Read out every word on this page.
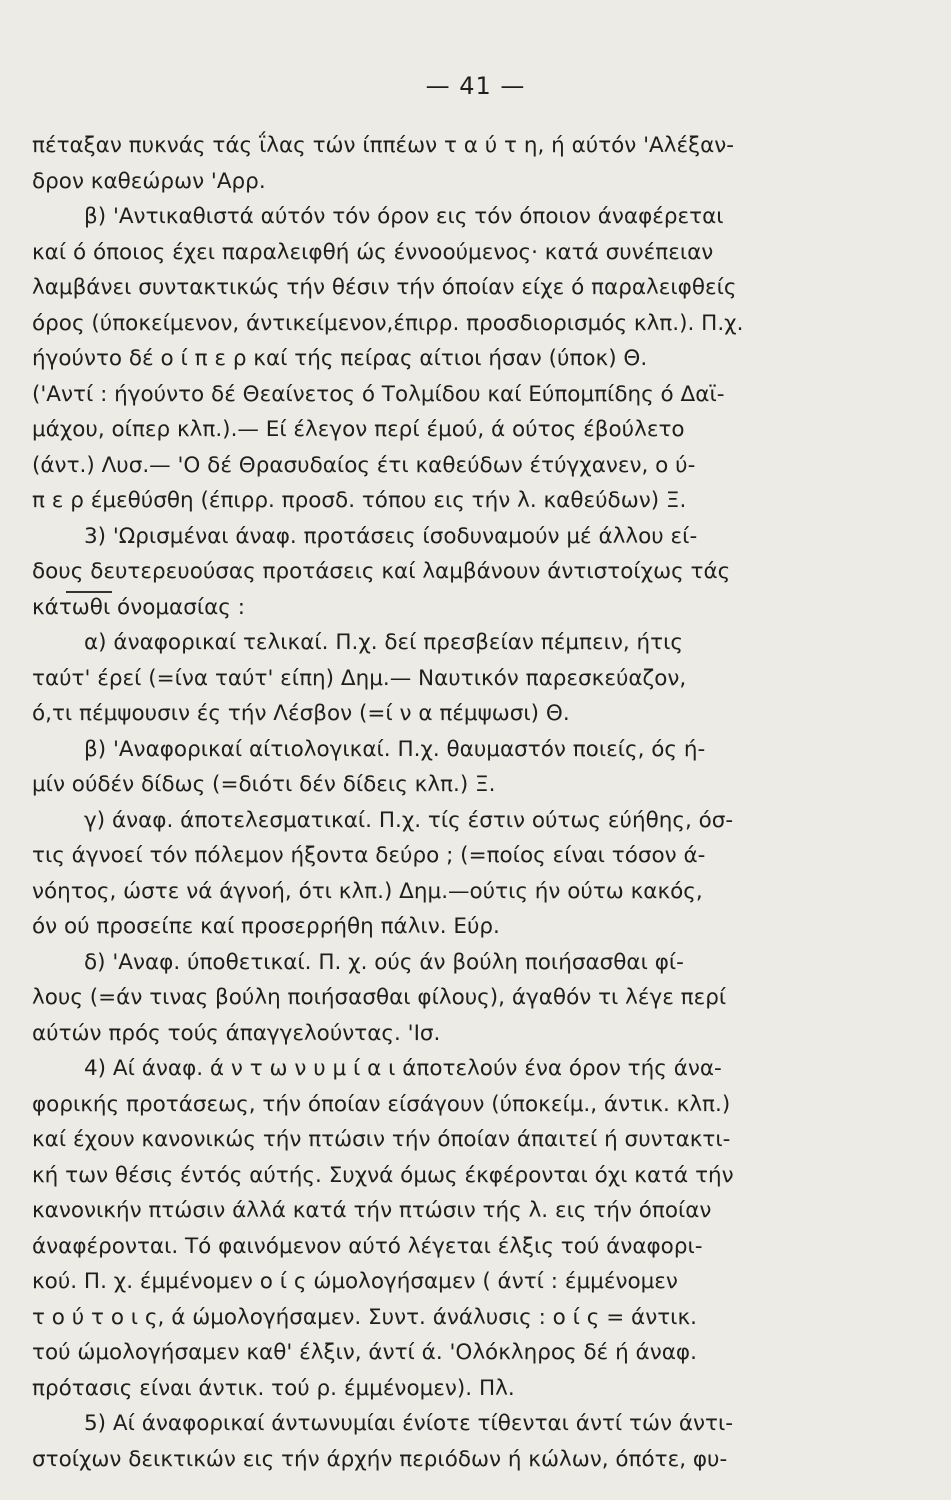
— 41 —
πέταξαν πυκνάς τάς ΐλας τών ίππέων τ α ύ τ η, ή αύτόν 'Αλέξαν-
δρον καθεώρων 'Αρρ.
β) 'Αντικαθιστά αύτόν τόν όρον εις τόν όποιον άναφέρεται
καί ό όποιος έχει παραλειφθή ώς έννοούμενος· κατά συνέπειαν
λαμβάνει συντακτικώς τήν θέσιν τήν όποίαν είχε ό παραλειφθείς
όρος (ύποκείμενον, άντικείμενον,έπιρρ. προσδιορισμός κλπ.). Π.χ.
ήγούντο δέ ο ί π ε ρ καί τής πείρας αίτιοι ήσαν (ύποκ) Θ.
('Αντί : ήγούντο δέ Θεαίνετος ό Τολμίδου καί Εύπομπίδης ό Δαϊ-
μάχου, οίπερ κλπ.).— Εί έλεγον περί έμού, ά ούτος έβούλετο
(άντ.) Λυσ.— 'Ο δέ Θρασυδαίος έτι καθεύδων έτύγχανεν, ο ύ-
π ε ρ έμεθύσθη (έπιρρ. προσδ. τόπου εις τήν λ. καθεύδων) Ξ.
3) 'Ωρισμέναι άναφ. προτάσεις ίσοδυναμούν μέ άλλου εί-
δους δευτερευούσας προτάσεις καί λαμβάνουν άντιστοίχως τάς
κάτωθι όνομασίας :
α) άναφορικαί τελικαί. Π.χ. δεί πρεσβείαν πέμπειν, ήτις
ταύτ' έρεί (=ίνα ταύτ' είπη) Δημ.— Ναυτικόν παρεσκεύαζον,
ό,τι πέμψουσιν ές τήν Λέσβον (=ί ν α πέμψωσι) Θ.
β) 'Αναφορικαί αίτιολογικαί. Π.χ. θαυμαστόν ποιείς, ός ή-
μίν ούδέν δίδως (=διότι δέν δίδεις κλπ.) Ξ.
γ) άναφ. άποτελεσματικαί. Π.χ. τίς έστιν ούτως εύήθης, όσ-
τις άγνοεί τόν πόλεμον ήξοντα δεύρο ; (=ποίος είναι τόσον ά-
νόητος, ώστε νά άγνοή, ότι κλπ.) Δημ.—ούτις ήν ούτω κακός,
όν ού προσείπε καί προσερρήθη πάλιν. Εύρ.
δ) 'Αναφ. ύποθετικαί. Π. χ. ούς άν βούλη ποιήσασθαι φί-
λους (=άν τινας βούλη ποιήσασθαι φίλους), άγαθόν τι λέγε περί
αύτών πρός τούς άπαγγελούντας. 'Ισ.
4) Αί άναφ. ά ν τ ω ν υ μ ί α ι άποτελούν ένα όρον τής άνα-
φορικής προτάσεως, τήν όποίαν είσάγουν (ύποκείμ., άντικ. κλπ.)
καί έχουν κανονικώς τήν πτώσιν τήν όποίαν άπαιτεί ή συντακτι-
κή των θέσις έντός αύτής. Συχνά όμως έκφέρονται όχι κατά τήν
κανονικήν πτώσιν άλλά κατά τήν πτώσιν τής λ. εις τήν όποίαν
άναφέρονται. Τό φαινόμενον αύτό λέγεται έλξις τού άναφορι-
κού. Π. χ. έμμένομεν ο ί ς ώμολογήσαμεν ( άντί : έμμένομεν
τ ο ύ τ ο ι ς, ά ώμολογήσαμεν. Συντ. άνάλυσις : ο ί ς = άντικ.
τού ώμολογήσαμεν καθ' έλξιν, άντί ά. 'Ολόκληρος δέ ή άναφ.
πρότασις είναι άντικ. τού ρ. έμμένομεν). Πλ.
5) Αί άναφορικαί άντωνυμίαι ένίοτε τίθενται άντί τών άντι-
στοίχων δεικτικών εις τήν άρχήν περιόδων ή κώλων, όπότε, φυ-
